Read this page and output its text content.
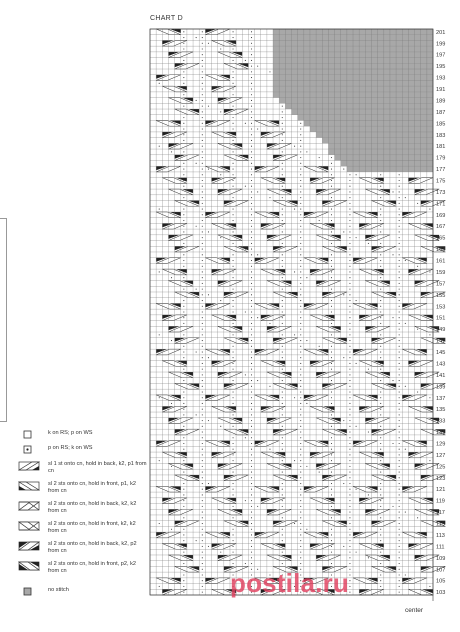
CHART D
201
199
197
195
193
191
189
187
185
183
181
179
177
175
173
171
169
167
165
163
161
159
157
155
153
151
149
147
145
143
141
139
137
135
133
131
129
127
125
123
121
119
117
115
113
111
109
107
105
103
center
k on RS; p on WS
p on RS; k on WS
sl 1 st onto cn, hold in back, k2, p1 from cn
sl 2 sts onto cn, hold in front, p1, k2 from cn
sl 2 sts onto cn, hold in back, k2, k2 from cn
sl 2 sts onto cn, hold in front, k2, k2 from cn
sl 2 sts onto cn, hold in back, k2, p2 from cn
sl 2 sts onto cn, hold in front, p2, k2 from cn
no stitch	postila.ru
